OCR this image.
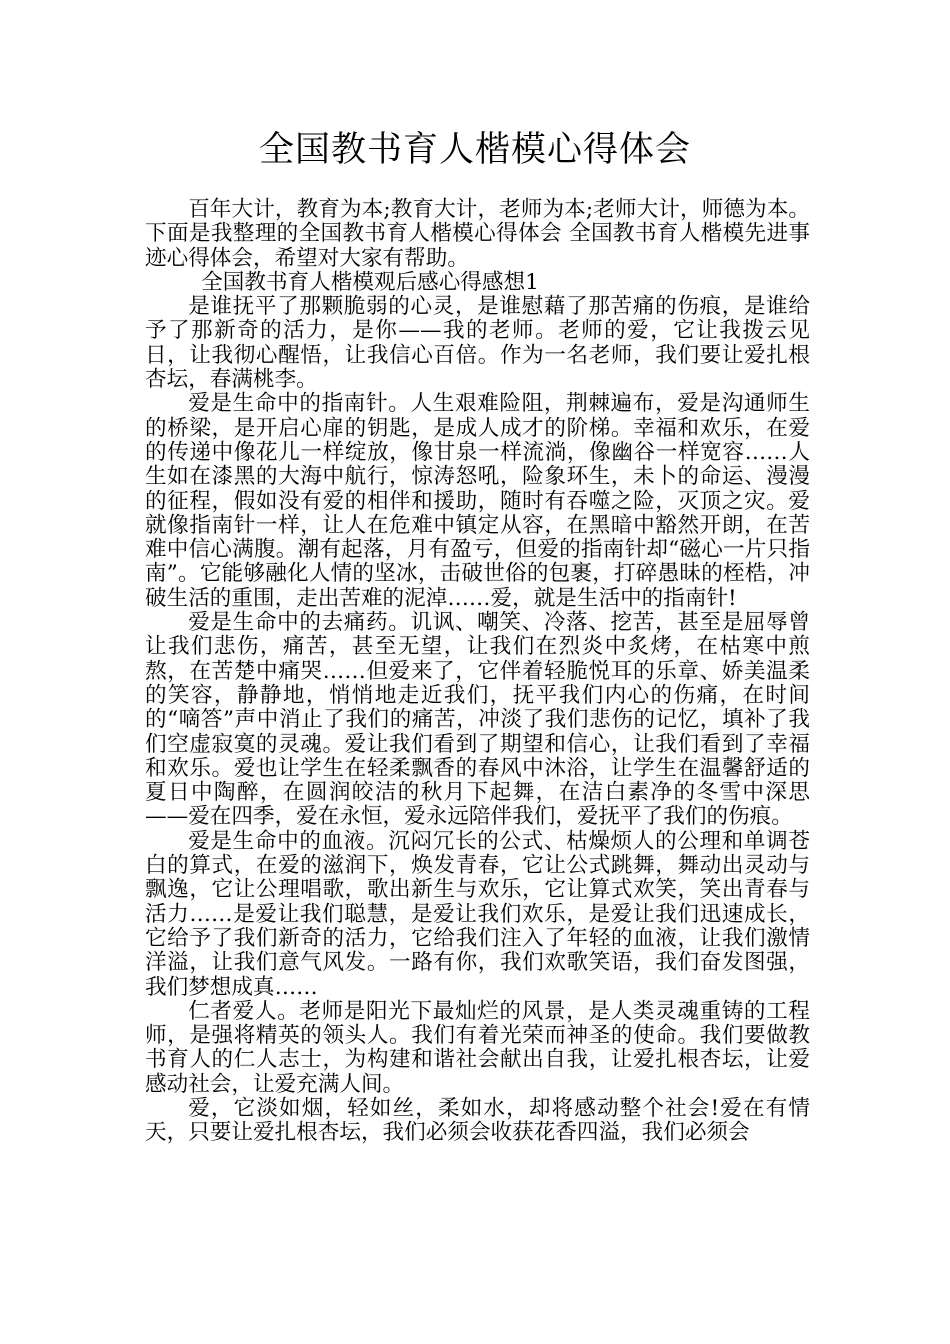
全国教书育人楷模心得体会

百年大计，教育为本;教育大计，老师为本;老师大计，师德为本。下面是我整理的全国教书育人楷模心得体会 全国教书育人楷模先进事迹心得体会，希望对大家有帮助。

全国教书育人楷模观后感心得感想1

是谁抚平了那颗脆弱的心灵，是谁慰藉了那苦痛的伤痕，是谁给予了那新奇的活力，是你——我的老师。老师的爱，它让我拨云见日，让我彻心醒悟，让我信心百倍。作为一名老师，我们要让爱扎根杏坛，春满桃李。

爱是生命中的指南针。人生艰难险阻，荆棘遍布，爱是沟通师生的桥梁，是开启心扉的钥匙，是成人成才的阶梯。幸福和欢乐，在爱的传递中像花儿一样绽放，像甘泉一样流淌，像幽谷一样宽容……人生如在漆黑的大海中航行，惊涛怒吼，险象环生，未卜的命运、漫漫的征程，假如没有爱的相伴和援助，随时有吞噬之险，灭顶之灾。爱就像指南针一样，让人在危难中镇定从容，在黑暗中豁然开朗，在苦难中信心满腹。潮有起落，月有盈亏，但爱的指南针却“磁心一片只指南”。它能够融化人情的坚冰，击破世俗的包裹，打碎愚昧的桎梏，冲破生活的重围，走出苦难的泥淖……爱，就是生活中的指南针!

爱是生命中的去痛药。讥讽、嘲笑、冷落、挖苦，甚至是屈辱曾让我们悲伤，痛苦，甚至无望，让我们在烈炎中炙烤，在枯寒中煎熬，在苦楚中痛哭……但爱来了，它伴着轻脆悦耳的乐章、娇美温柔的笑容，静静地，悄悄地走近我们，抚平我们内心的伤痛，在时间的“嘀答”声中消止了我们的痛苦，冲淡了我们悲伤的记忆，填补了我们空虚寂寞的灵魂。爱让我们看到了期望和信心，让我们看到了幸福和欢乐。爱也让学生在轻柔飘香的春风中沐浴，让学生在温馨舒适的夏日中陶醉，在圆润皎洁的秋月下起舞，在洁白素净的冬雪中深思——爱在四季，爱在永恒，爱永远陪伴我们，爱抚平了我们的伤痕。

爱是生命中的血液。沉闷冗长的公式、枯燥烦人的公理和单调苍白的算式，在爱的滋润下，焕发青春，它让公式跳舞，舞动出灵动与飘逸，它让公理唱歌，歌出新生与欢乐，它让算式欢笑，笑出青春与活力……是爱让我们聪慧，是爱让我们欢乐，是爱让我们迅速成长，它给予了我们新奇的活力，它给我们注入了年轻的血液，让我们激情洋溢，让我们意气风发。一路有你，我们欢歌笑语，我们奋发图强，我们梦想成真……

仁者爱人。老师是阳光下最灿烂的风景，是人类灵魂重铸的工程师，是强将精英的领头人。我们有着光荣而神圣的使命。我们要做教书育人的仁人志士，为构建和谐社会献出自我，让爱扎根杏坛，让爱感动社会，让爱充满人间。

爱，它淡如烟，轻如丝，柔如水，却将感动整个社会!爱在有情天，只要让爱扎根杏坛，我们必须会收获花香四溢，我们必须会
